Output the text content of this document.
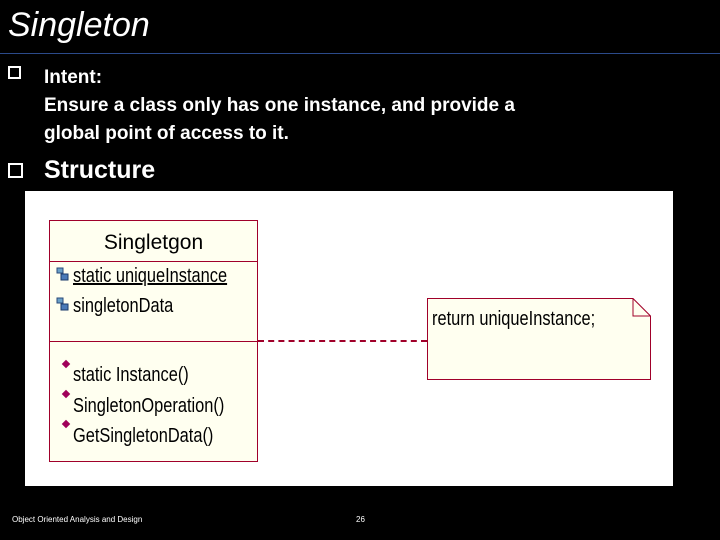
Singleton
Intent:
Ensure a class only has one instance, and provide a
global point of access to it.
Structure
Singletgon
static uniqueInstance
singletonData
static Instance()
SingletonOperation()
GetSingletonData()
return uniqueInstance;
Object Oriented Analysis and Design	26
